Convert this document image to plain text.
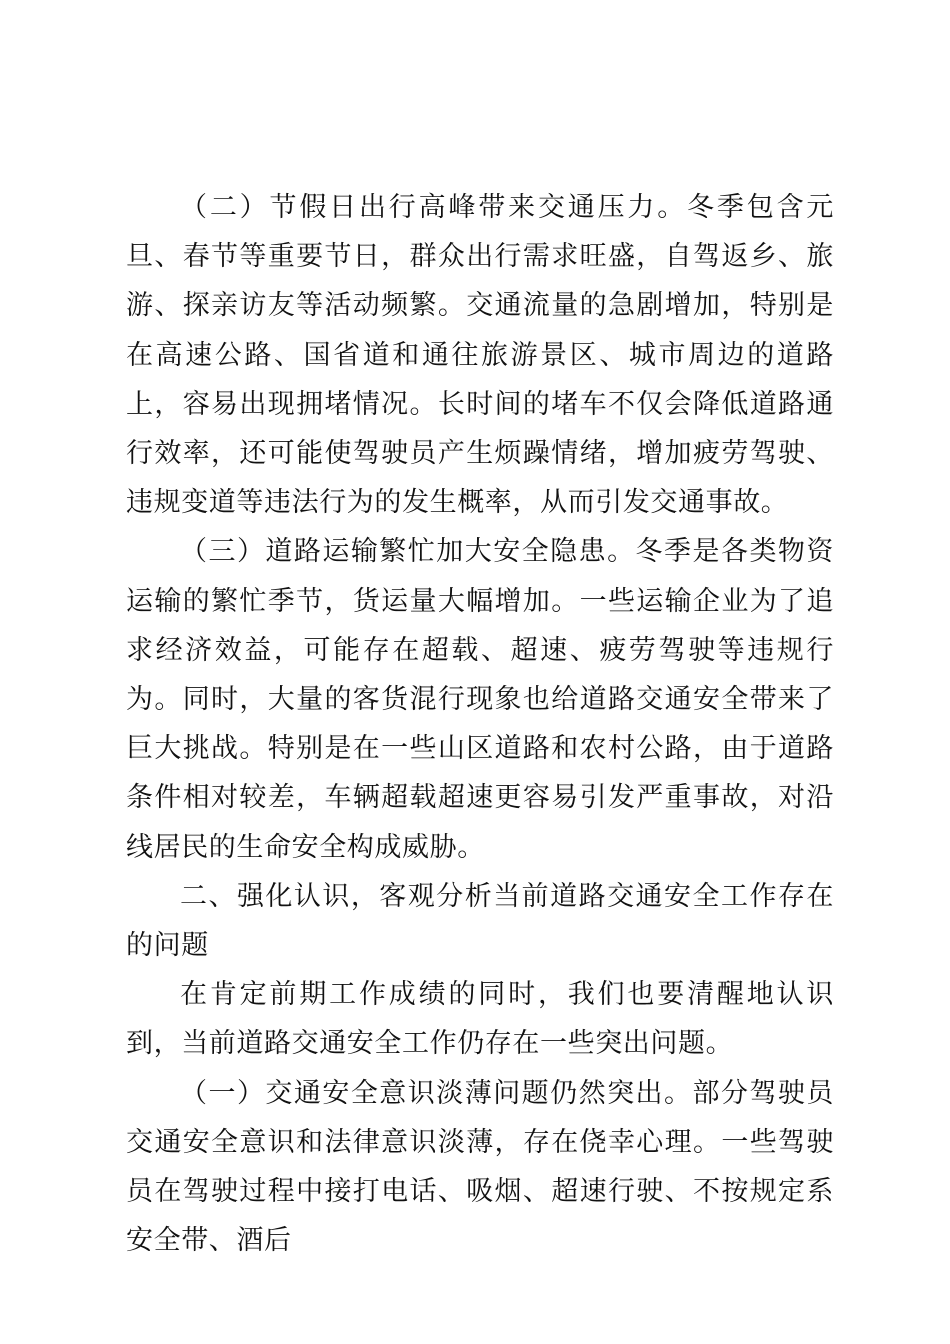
（二）节假日出行高峰带来交通压力。冬季包含元旦、春节等重要节日，群众出行需求旺盛，自驾返乡、旅游、探亲访友等活动频繁。交通流量的急剧增加，特别是在高速公路、国省道和通往旅游景区、城市周边的道路上，容易出现拥堵情况。长时间的堵车不仅会降低道路通行效率，还可能使驾驶员产生烦躁情绪，增加疲劳驾驶、违规变道等违法行为的发生概率，从而引发交通事故。

（三）道路运输繁忙加大安全隐患。冬季是各类物资运输的繁忙季节，货运量大幅增加。一些运输企业为了追求经济效益，可能存在超载、超速、疲劳驾驶等违规行为。同时，大量的客货混行现象也给道路交通安全带来了巨大挑战。特别是在一些山区道路和农村公路，由于道路条件相对较差，车辆超载超速更容易引发严重事故，对沿线居民的生命安全构成威胁。

二、强化认识，客观分析当前道路交通安全工作存在的问题

在肯定前期工作成绩的同时，我们也要清醒地认识到，当前道路交通安全工作仍存在一些突出问题。

（一）交通安全意识淡薄问题仍然突出。部分驾驶员交通安全意识和法律意识淡薄，存在侥幸心理。一些驾驶员在驾驶过程中接打电话、吸烟、超速行驶、不按规定系安全带、酒后
